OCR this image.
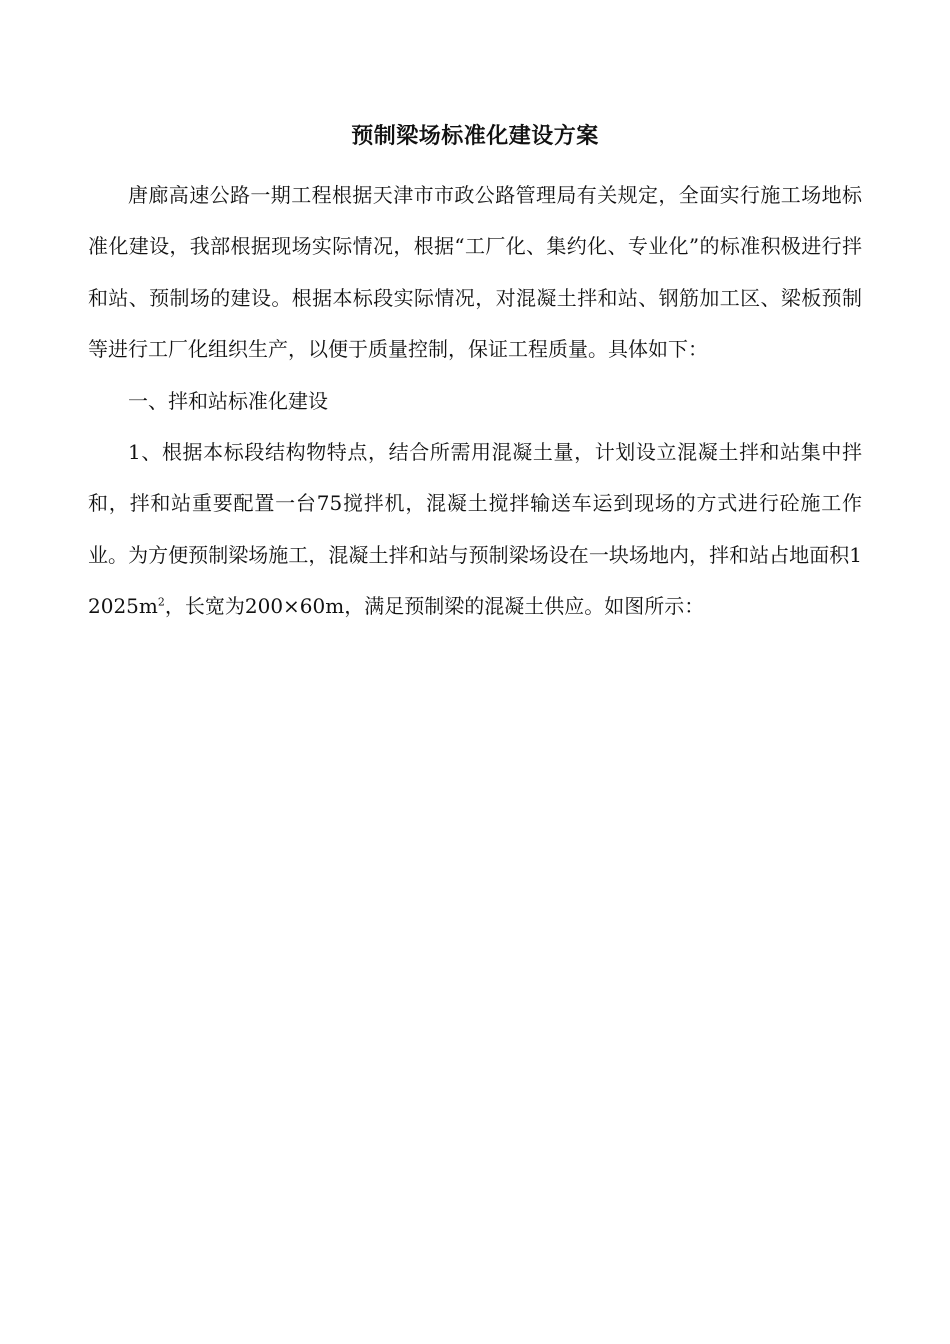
预制梁场标准化建设方案

唐廊高速公路一期工程根据天津市市政公路管理局有关规定，全面实行施工场地标准化建设，我部根据现场实际情况，根据“工厂化、集约化、专业化”的标准积极进行拌和站、预制场的建设。根据本标段实际情况，对混凝土拌和站、钢筋加工区、梁板预制等进行工厂化组织生产，以便于质量控制，保证工程质量。具体如下：

一、拌和站标准化建设

1、根据本标段结构物特点，结合所需用混凝土量，计划设立混凝土拌和站集中拌和，拌和站重要配置一台75搅拌机，混凝土搅拌输送车运到现场的方式进行砼施工作业。为方便预制梁场施工，混凝土拌和站与预制梁场设在一块场地内，拌和站占地面积$12025m^2$，长宽为200×60m，满足预制梁的混凝土供应。如图所示：
